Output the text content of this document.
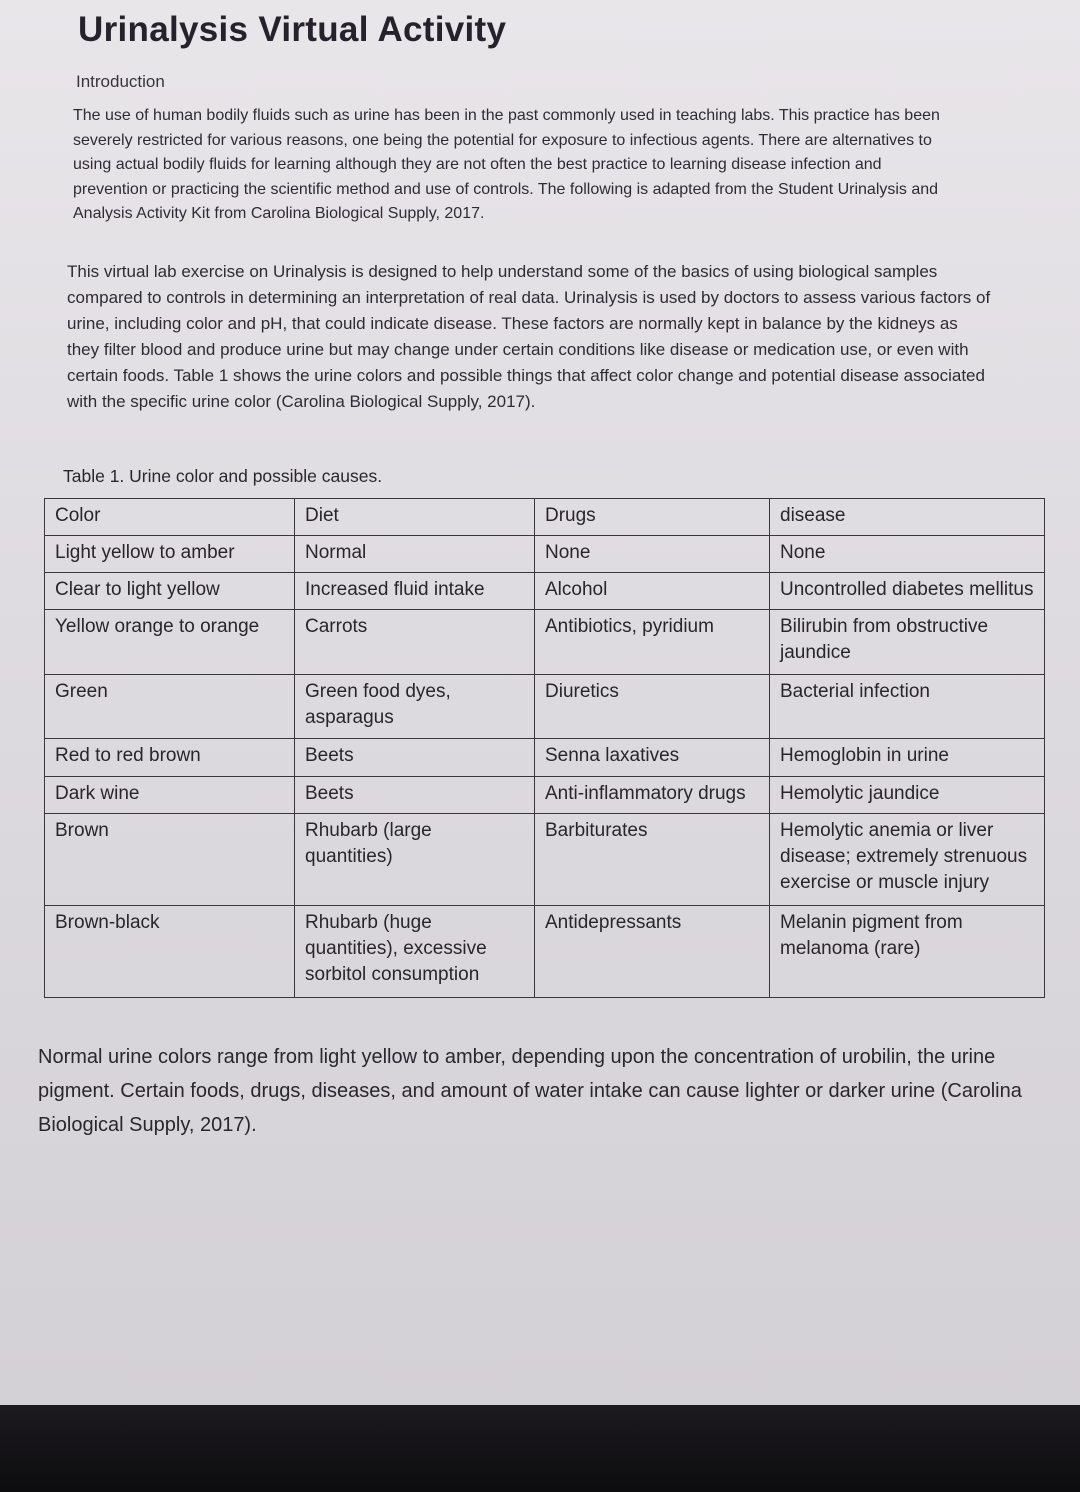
Urinalysis Virtual Activity

Introduction

The use of human bodily fluids such as urine has been in the past commonly used in teaching labs. This practice has been severely restricted for various reasons, one being the potential for exposure to infectious agents. There are alternatives to using actual bodily fluids for learning although they are not often the best practice to learning disease infection and prevention or practicing the scientific method and use of controls. The following is adapted from the Student Urinalysis and Analysis Activity Kit from Carolina Biological Supply, 2017.

This virtual lab exercise on Urinalysis is designed to help understand some of the basics of using biological samples compared to controls in determining an interpretation of real data. Urinalysis is used by doctors to assess various factors of urine, including color and pH, that could indicate disease. These factors are normally kept in balance by the kidneys as they filter blood and produce urine but may change under certain conditions like disease or medication use, or even with certain foods. Table 1 shows the urine colors and possible things that affect color change and potential disease associated with the specific urine color (Carolina Biological Supply, 2017).

Table 1. Urine color and possible causes.

Color	Diet	Drugs	disease
Light yellow to amber	Normal	None	None
Clear to light yellow	Increased fluid intake	Alcohol	Uncontrolled diabetes mellitus
Yellow orange to orange	Carrots	Antibiotics, pyridium	Bilirubin from obstructive jaundice
Green	Green food dyes, asparagus	Diuretics	Bacterial infection
Red to red brown	Beets	Senna laxatives	Hemoglobin in urine
Dark wine	Beets	Anti-inflammatory drugs	Hemolytic jaundice
Brown	Rhubarb (large quantities)	Barbiturates	Hemolytic anemia or liver disease; extremely strenuous exercise or muscle injury
Brown-black	Rhubarb (huge quantities), excessive sorbitol consumption	Antidepressants	Melanin pigment from melanoma (rare)

Normal urine colors range from light yellow to amber, depending upon the concentration of urobilin, the urine pigment. Certain foods, drugs, diseases, and amount of water intake can cause lighter or darker urine (Carolina Biological Supply, 2017).
